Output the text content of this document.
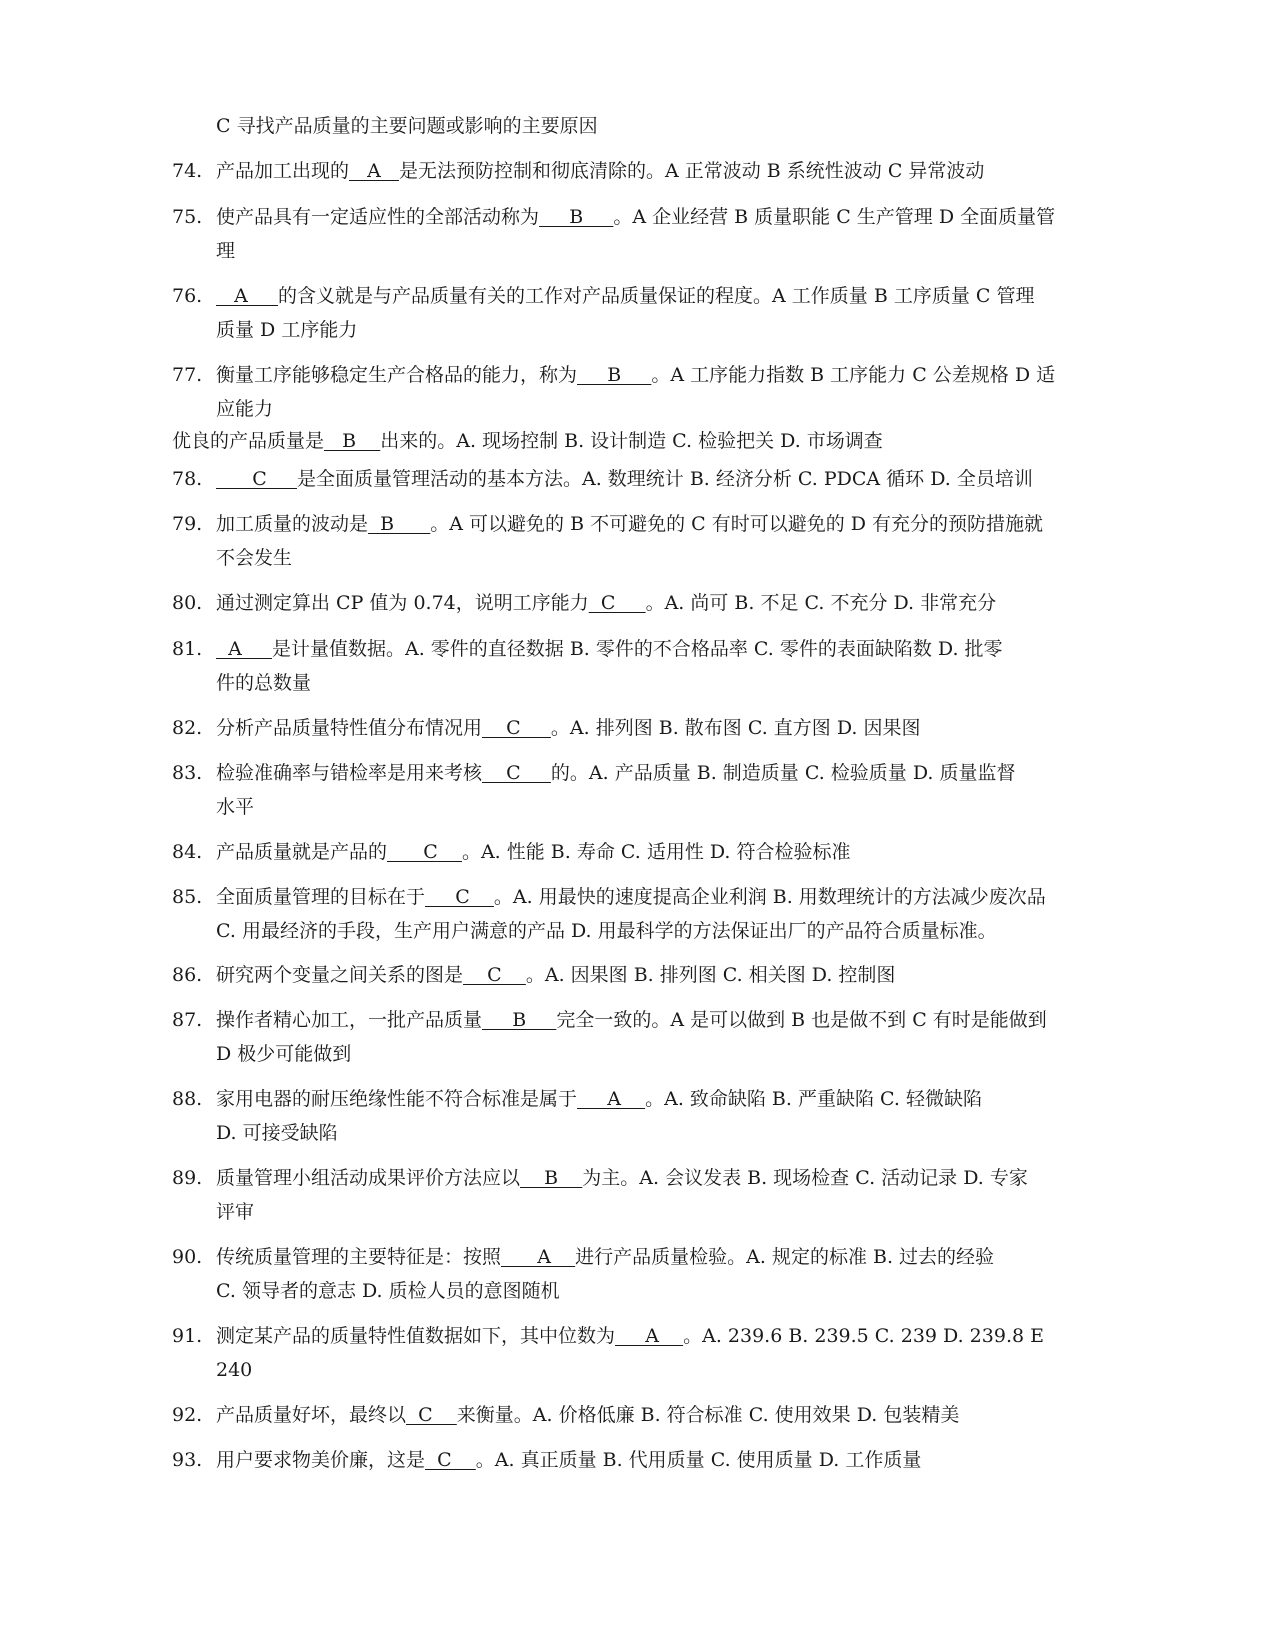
C 寻找产品质量的主要问题或影响的主要原因
74. 产品加工出现的   A   是无法预防控制和彻底清除的。A 正常波动 B 系统性波动 C 异常波动
75. 使产品具有一定适应性的全部活动称为     B     。A 企业经营 B 质量职能 C 生产管理 D 全面质量管
理
76. A     的含义就是与产品质量有关的工作对产品质量保证的程度。A 工作质量 B 工序质量 C 管理
质量 D 工序能力
77. 衡量工序能够稳定生产合格品的能力，称为     B     。A 工序能力指数 B 工序能力 C 公差规格 D 适
应能力
优良的产品质量是   B    出来的。A. 现场控制 B. 设计制造 C. 检验把关 D. 市场调查
78. C     是全面质量管理活动的基本方法。A. 数理统计 B. 经济分析 C. PDCA 循环 D. 全员培训
79. 加工质量的波动是  B      。A 可以避免的 B 不可避免的 C 有时可以避免的 D 有充分的预防措施就
不会发生
80. 通过测定算出 CP 值为 0.74，说明工序能力  C     。A. 尚可 B. 不足 C. 不充分 D. 非常充分
81. A     是计量值数据。A. 零件的直径数据 B. 零件的不合格品率 C. 零件的表面缺陷数 D. 批零
件的总数量
82. 分析产品质量特性值分布情况用    C     。A. 排列图 B. 散布图 C. 直方图 D. 因果图
83. 检验准确率与错检率是用来考核    C     的。A. 产品质量 B. 制造质量 C. 检验质量 D. 质量监督
水平
84. 产品质量就是产品的      C    。A. 性能 B. 寿命 C. 适用性 D. 符合检验标准
85. 全面质量管理的目标在于     C    。A. 用最快的速度提高企业利润 B. 用数理统计的方法减少废次品
C. 用最经济的手段，生产用户满意的产品 D. 用最科学的方法保证出厂的产品符合质量标准。
86. 研究两个变量之间关系的图是    C    。A. 因果图 B. 排列图 C. 相关图 D. 控制图
87. 操作者精心加工，一批产品质量     B     完全一致的。A 是可以做到 B 也是做不到 C 有时是能做到
D 极少可能做到
88. 家用电器的耐压绝缘性能不符合标准是属于     A    。A. 致命缺陷 B. 严重缺陷 C. 轻微缺陷
D. 可接受缺陷
89. 质量管理小组活动成果评价方法应以    B    为主。A. 会议发表 B. 现场检查 C. 活动记录 D. 专家
评审
90. 传统质量管理的主要特征是：按照      A    进行产品质量检验。A. 规定的标准 B. 过去的经验
C. 领导者的意志 D. 质检人员的意图随机
91. 测定某产品的质量特性值数据如下，其中位数为     A    。A. 239.6 B. 239.5 C. 239 D. 239.8 E
240
92. 产品质量好坏，最终以  C    来衡量。A. 价格低廉 B. 符合标准 C. 使用效果 D. 包装精美
93. 用户要求物美价廉，这是  C    。A. 真正质量 B. 代用质量 C. 使用质量 D. 工作质量
